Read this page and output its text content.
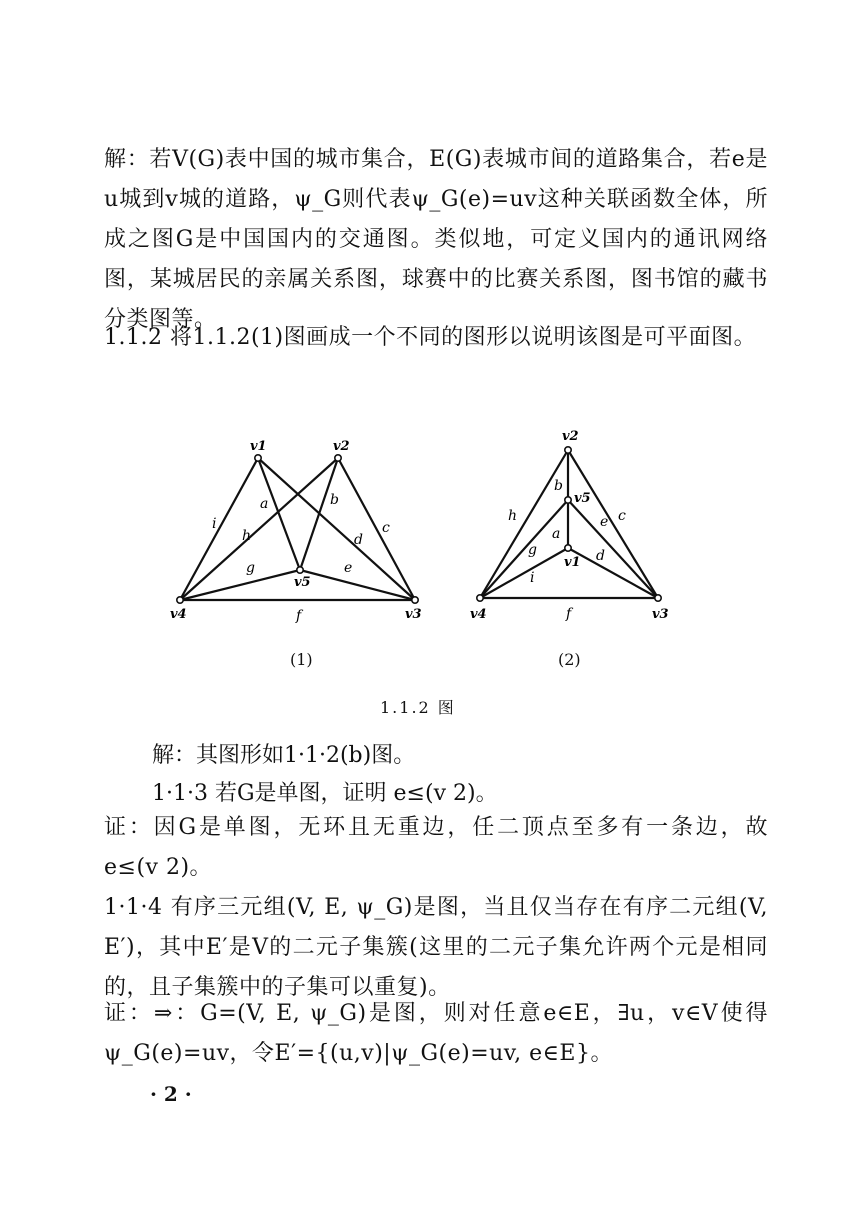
解：若V(G)表中国的城市集合，E(G)表城市间的道路集合，若e是u城到v城的道路，ψ_G则代表ψ_G(e)=uv这种关联函数全体，所成之图G是中国国内的交通图。类似地，可定义国内的通讯网络图，某城居民的亲属关系图，球赛中的比赛关系图，图书馆的藏书分类图等。
1.1.2 将1.1.2(1)图画成一个不同的图形以说明该图是可平面图。
v1	v2
v3
v4
v5
a	b
c
d
e
f
g
h
i
v2
v5
v1
v4	v3
b
h	c
e
a
d
g
i
f
(1)	(2)
1.1.2 图
解：其图形如1·1·2(b)图。
1·1·3 若G是单图，证明 e≤(v 2)。
证：因G是单图，无环且无重边，任二顶点至多有一条边，故 e≤(v 2)。
1·1·4 有序三元组(V, E, ψ_G)是图，当且仅当存在有序二元组(V, E′)，其中E′是V的二元子集簇(这里的二元子集允许两个元是相同的，且子集簇中的子集可以重复)。
证：⇒：G=(V, E, ψ_G)是图，则对任意e∈E，∃u，v∈V使得ψ_G(e)=uv，令E′={(u,v)|ψ_G(e)=uv, e∈E}。
· 2 ·
